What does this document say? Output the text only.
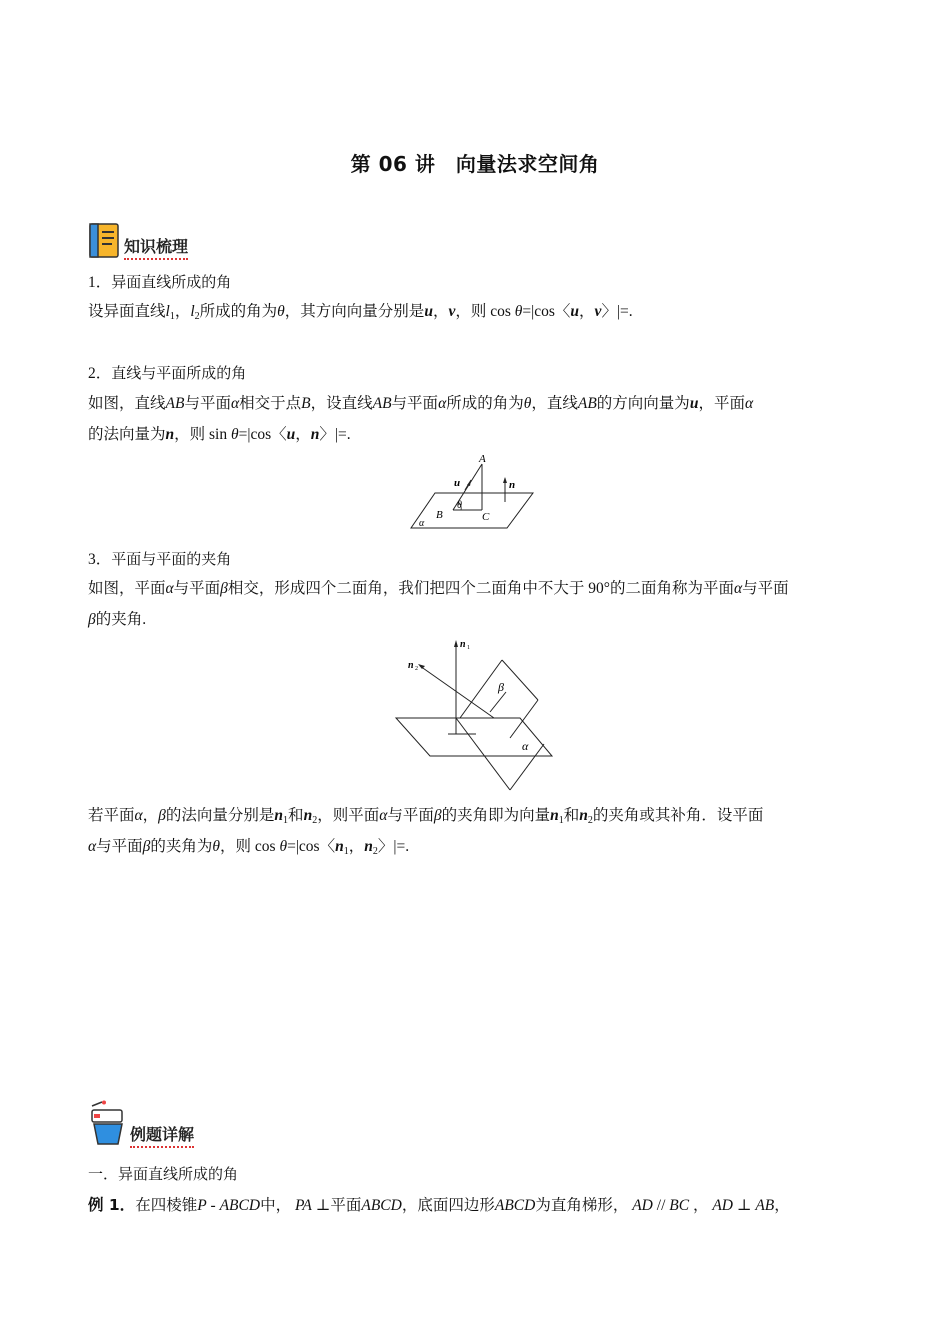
第 06 讲　向量法求空间角
知识梳理
1．异面直线所成的角
设异面直线$l_1$，$l_2$所成的角为θ，其方向向量分别是u，v，则 cos θ=|cos〈u，v〉|=.
2．直线与平面所成的角
如图，直线AB与平面α相交于点B，设直线AB与平面α所成的角为θ，直线AB的方向向量为u，平面α
的法向量为n，则 sin θ=|cos〈u，n〉|=.
A
u	n
θ
B	C
α
3．平面与平面的夹角
如图，平面α与平面β相交，形成四个二面角，我们把四个二面角中不大于 90°的二面角称为平面α与平面
β的夹角.
n 1
n 2
β
α
若平面α，β的法向量分别是$n_1$和$n_2$，则平面α与平面β的夹角即为向量$n_1$和$n_2$的夹角或其补角．设平面
α与平面β的夹角为θ，则 cos θ=|cos〈$n_1$，$n_2$〉|=.
例题详解
一．异面直线所成的角
例 1．在四棱锥P - ABCD中， PA ⊥平面ABCD，底面四边形ABCD为直角梯形， AD // BC ， AD ⊥ AB，
